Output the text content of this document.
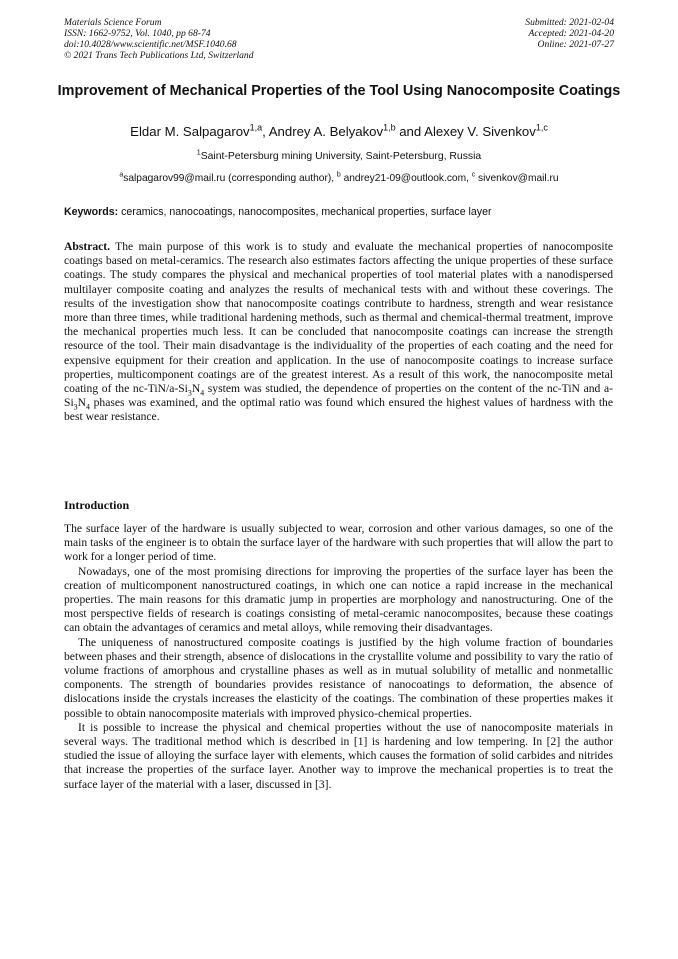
Materials Science Forum
ISSN: 1662-9752, Vol. 1040, pp 68-74
doi:10.4028/www.scientific.net/MSF.1040.68
© 2021 Trans Tech Publications Ltd, Switzerland
Submitted: 2021-02-04
Accepted: 2021-04-20
Online: 2021-07-27
Improvement of Mechanical Properties of the Tool Using Nanocomposite Coatings
Eldar M. Salpagarov$^{1,a}$, Andrey A. Belyakov$^{1,b}$ and Alexey V. Sivenkov$^{1,c}$
$^1$Saint-Petersburg mining University, Saint-Petersburg, Russia
$^a$salpagarov99@mail.ru (corresponding author), $^b$ andrey21-09@outlook.com, $^c$ sivenkov@mail.ru
Keywords: ceramics, nanocoatings, nanocomposites, mechanical properties, surface layer

Abstract. The main purpose of this work is to study and evaluate the mechanical properties of nanocomposite coatings based on metal-ceramics. The research also estimates factors affecting the unique properties of these surface coatings. The study compares the physical and mechanical properties of tool material plates with a nanodispersed multilayer composite coating and analyzes the results of mechanical tests with and without these coverings. The results of the investigation show that nanocomposite coatings contribute to hardness, strength and wear resistance more than three times, while traditional hardening methods, such as thermal and chemical-thermal treatment, improve the mechanical properties much less. It can be concluded that nanocomposite coatings can increase the strength resource of the tool. Their main disadvantage is the individuality of the properties of each coating and the need for expensive equipment for their creation and application. In the use of nanocomposite coatings to increase surface properties, multicomponent coatings are of the greatest interest. As a result of this work, the nanocomposite metal coating of the $nc-TiN/a-Si_3N_4$ system was studied, the dependence of properties on the content of the nc-TiN and $a-Si_3N_4$ phases was examined, and the optimal ratio was found which ensured the highest values of hardness with the best wear resistance.

Introduction

The surface layer of the hardware is usually subjected to wear, corrosion and other various damages, so one of the main tasks of the engineer is to obtain the surface layer of the hardware with such properties that will allow the part to work for a longer period of time.

Nowadays, one of the most promising directions for improving the properties of the surface layer has been the creation of multicomponent nanostructured coatings, in which one can notice a rapid increase in the mechanical properties. The main reasons for this dramatic jump in properties are morphology and nanostructuring. One of the most perspective fields of research is coatings consisting of metal-ceramic nanocomposites, because these coatings can obtain the advantages of ceramics and metal alloys, while removing their disadvantages.

The uniqueness of nanostructured composite coatings is justified by the high volume fraction of boundaries between phases and their strength, absence of dislocations in the crystallite volume and possibility to vary the ratio of volume fractions of amorphous and crystalline phases as well as in mutual solubility of metallic and nonmetallic components. The strength of boundaries provides resistance of nanocoatings to deformation, the absence of dislocations inside the crystals increases the elasticity of the coatings. The combination of these properties makes it possible to obtain nanocomposite materials with improved physico-chemical properties.

It is possible to increase the physical and chemical properties without the use of nanocomposite materials in several ways. The traditional method which is described in [1] is hardening and low tempering. In [2] the author studied the issue of alloying the surface layer with elements, which causes the formation of solid carbides and nitrides that increase the properties of the surface layer. Another way to improve the mechanical properties is to treat the surface layer of the material with a laser, discussed in [3].
